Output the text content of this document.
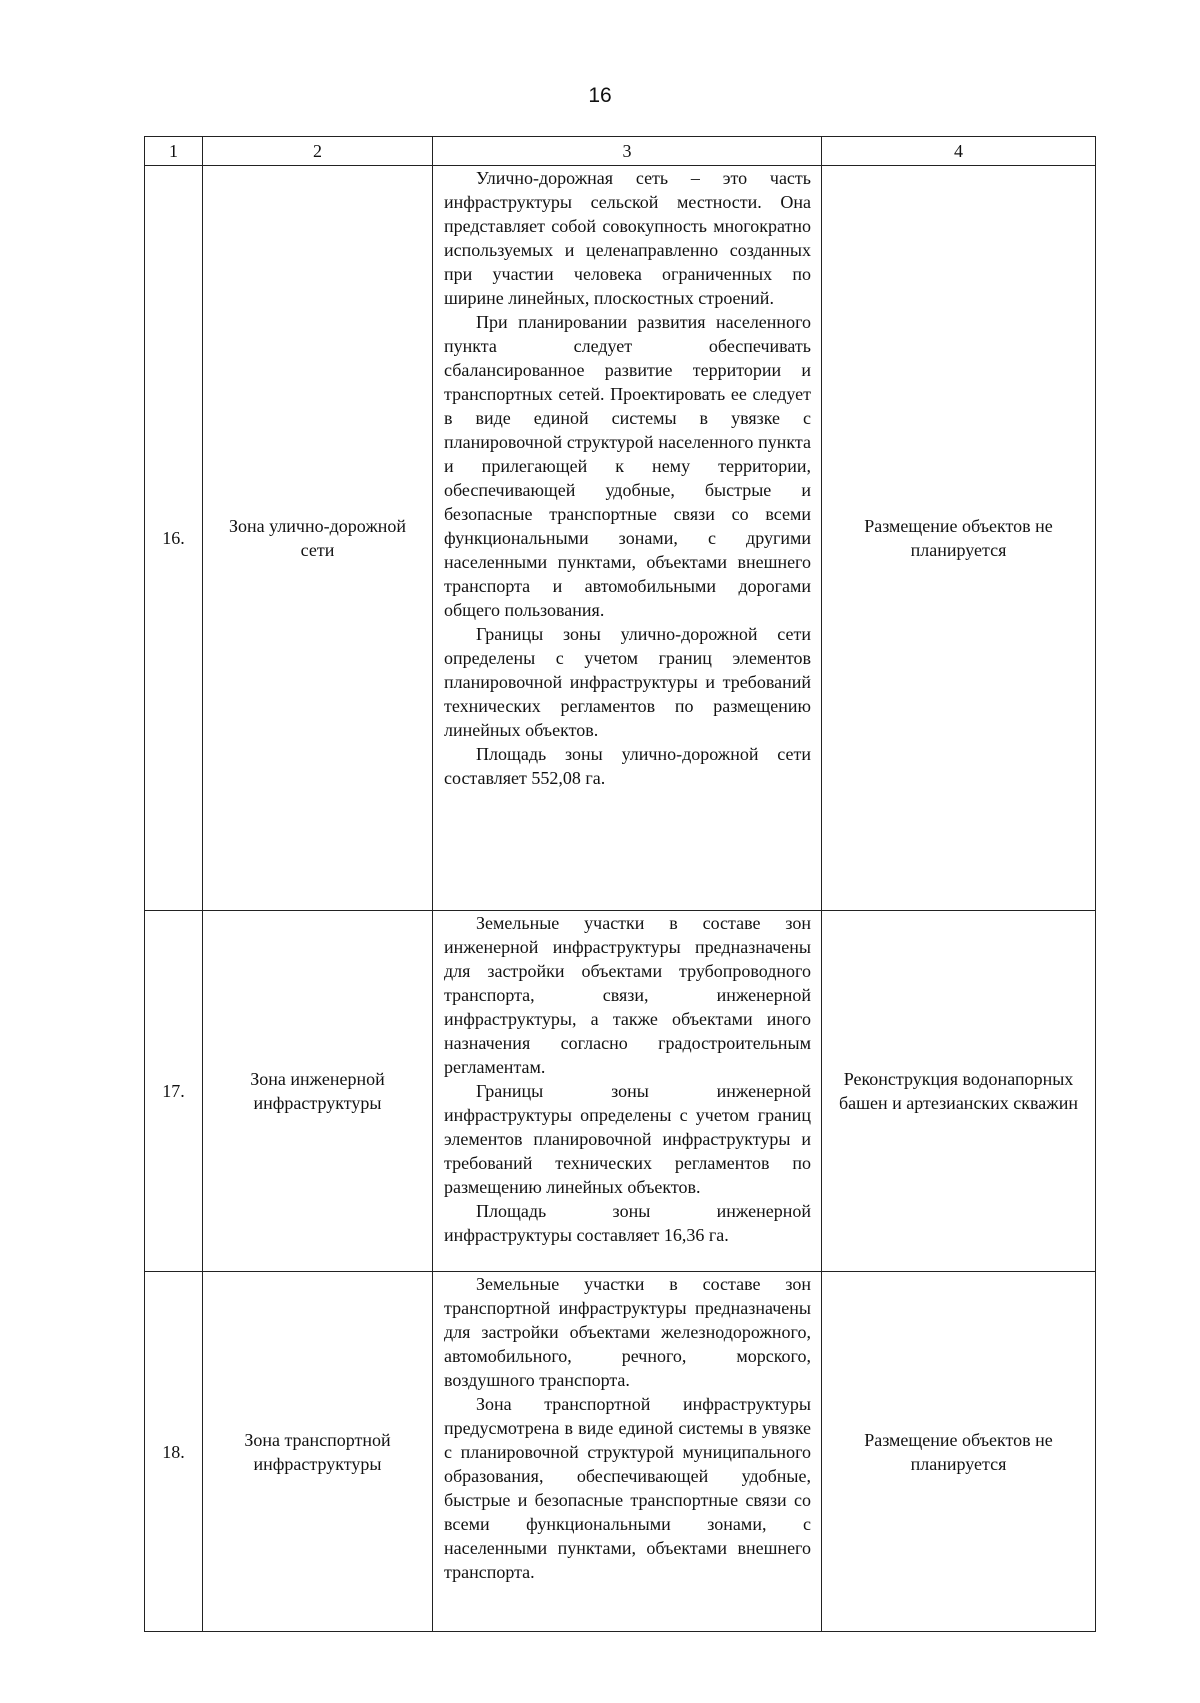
16
1	2	3	4
16.	Зона улично-дорожной сети	Улично-дорожная сеть – это часть инфраструктуры сельской местности. Она представляет собой совокупность многократно используемых и целенаправленно созданных при участии человека ограниченных по ширине линейных, плоскостных строений.

При планировании развития населенного пункта следует обеспечивать сбалансированное развитие территории и транспортных сетей. Проектировать ее следует в виде единой системы в увязке с планировочной структурой населенного пункта и прилегающей к нему территории, обеспечивающей удобные, быстрые и безопасные транспортные связи со всеми функциональными зонами, с другими населенными пунктами, объектами внешнего транспорта и автомобильными дорогами общего пользования.

Границы зоны улично-дорожной сети определены с учетом границ элементов планировочной инфраструктуры и требований технических регламентов по размещению линейных объектов.

Площадь зоны улично-дорожной сети составляет 552,08 га.	Размещение объектов не планируется
17.	Зона инженерной инфраструктуры	Земельные участки в составе зон инженерной инфраструктуры предназначены для застройки объектами трубопроводного транспорта, связи, инженерной инфраструктуры, а также объектами иного назначения согласно градостроительным регламентам.

Границы зоны инженерной инфраструктуры определены с учетом границ элементов планировочной инфраструктуры и требований технических регламентов по размещению линейных объектов.

Площадь зоны инженерной инфраструктуры составляет 16,36 га.	Реконструкция водонапорных башен и артезианских скважин
18.	Зона транспортной инфраструктуры	Земельные участки в составе зон транспортной инфраструктуры предназначены для застройки объектами железнодорожного, автомобильного, речного, морского, воздушного транспорта.

Зона транспортной инфраструктуры предусмотрена в виде единой системы в увязке с планировочной структурой муниципального образования, обеспечивающей удобные, быстрые и безопасные транспортные связи со всеми функциональными зонами, с населенными пунктами, объектами внешнего транспорта.	Размещение объектов не планируется
